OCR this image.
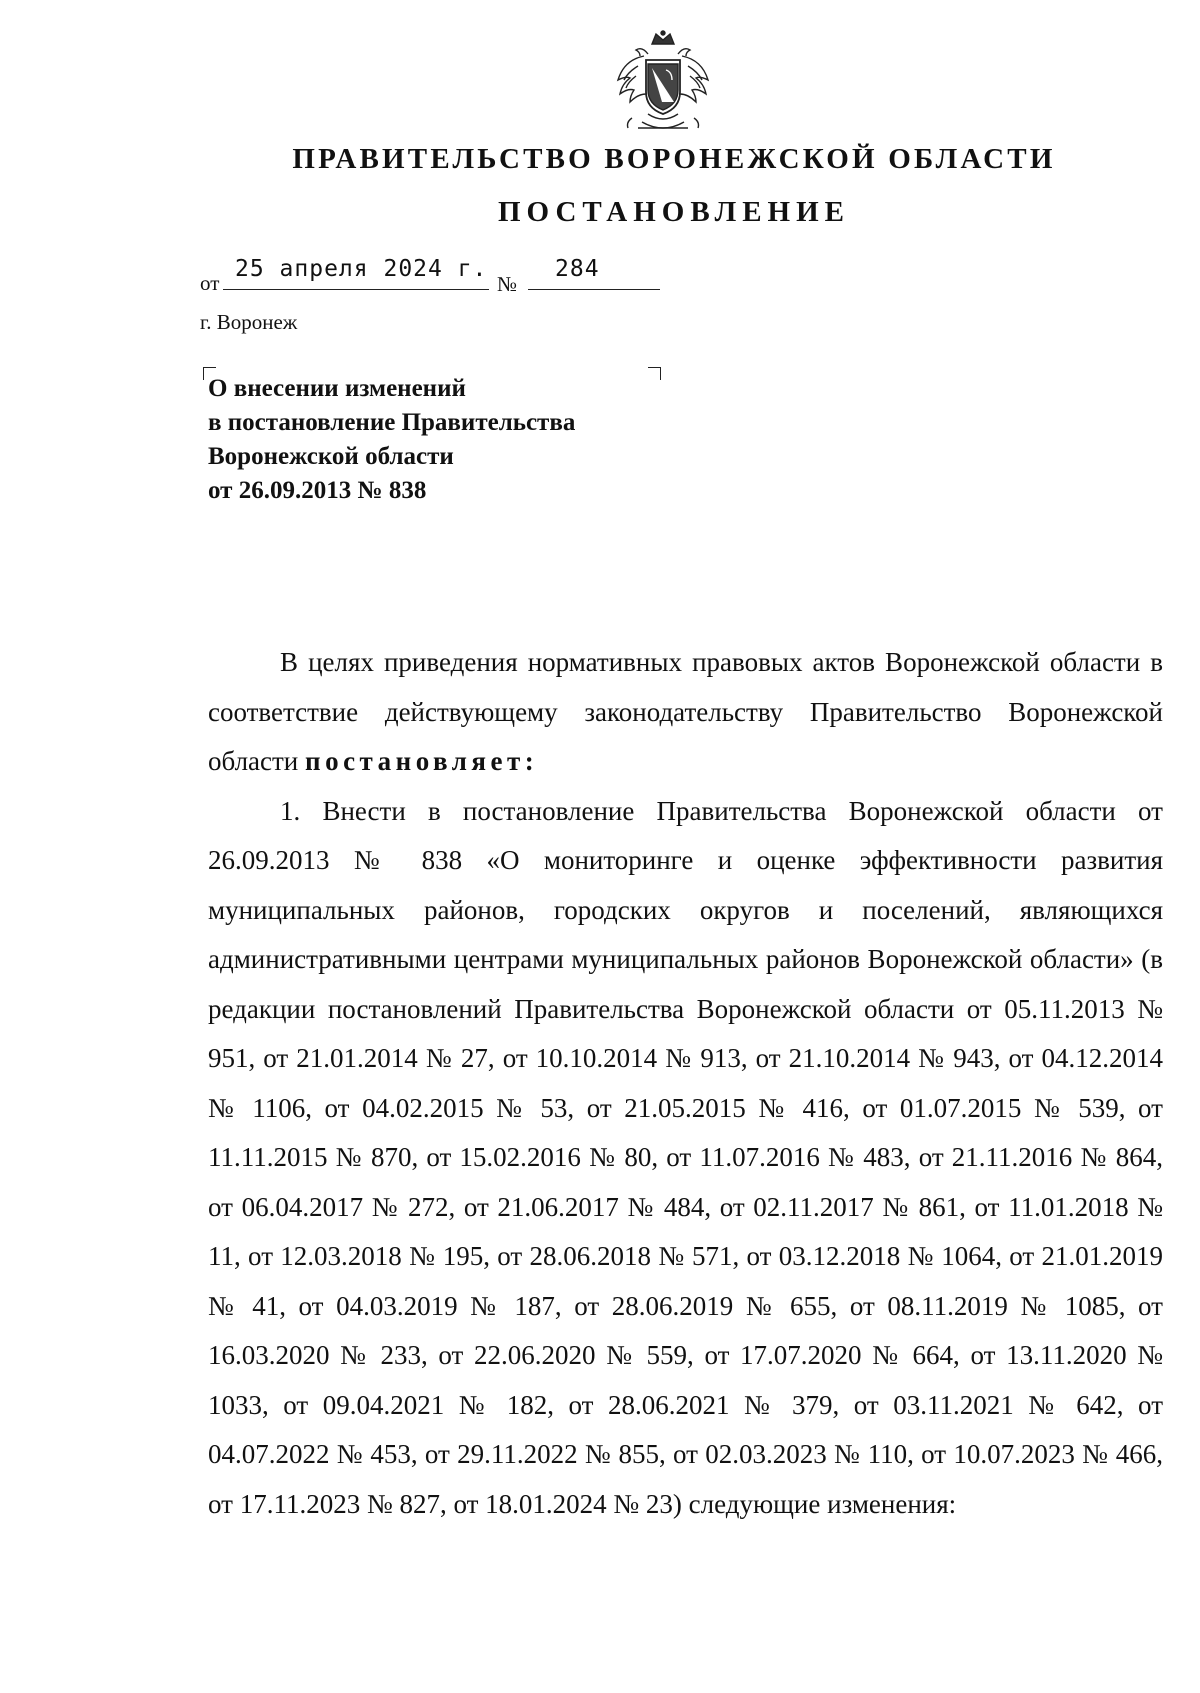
ПРАВИТЕЛЬСТВО ВОРОНЕЖСКОЙ ОБЛАСТИ
ПОСТАНОВЛЕНИЕ
от
25 апреля 2024 г.
№
284
г. Воронеж
О внесении изменений
в постановление Правительства
Воронежской области
от 26.09.2013 № 838

В целях приведения нормативных правовых актов Воронежской области в соответствие действующему законодательству Правительство Воронежской области постановляет:

1. Внести в постановление Правительства Воронежской области от 26.09.2013 № 838 «О мониторинге и оценке эффективности развития муниципальных районов, городских округов и поселений, являющихся административными центрами муниципальных районов Воронежской области» (в редакции постановлений Правительства Воронежской области от 05.11.2013 № 951, от 21.01.2014 № 27, от 10.10.2014 № 913, от 21.10.2014 № 943, от 04.12.2014 № 1106, от 04.02.2015 № 53, от 21.05.2015 № 416, от 01.07.2015 № 539, от 11.11.2015 № 870, от 15.02.2016 № 80, от 11.07.2016 № 483, от 21.11.2016 № 864, от 06.04.2017 № 272, от 21.06.2017 № 484, от 02.11.2017 № 861, от 11.01.2018 № 11, от 12.03.2018 № 195, от 28.06.2018 № 571, от 03.12.2018 № 1064, от 21.01.2019 № 41, от 04.03.2019 № 187, от 28.06.2019 № 655, от 08.11.2019 № 1085, от 16.03.2020 № 233, от 22.06.2020 № 559, от 17.07.2020 № 664, от 13.11.2020 № 1033, от 09.04.2021 № 182, от 28.06.2021 № 379, от 03.11.2021 № 642, от 04.07.2022 № 453, от 29.11.2022 № 855, от 02.03.2023 № 110, от 10.07.2023 № 466, от 17.11.2023 № 827, от 18.01.2024 № 23) следующие изменения:
